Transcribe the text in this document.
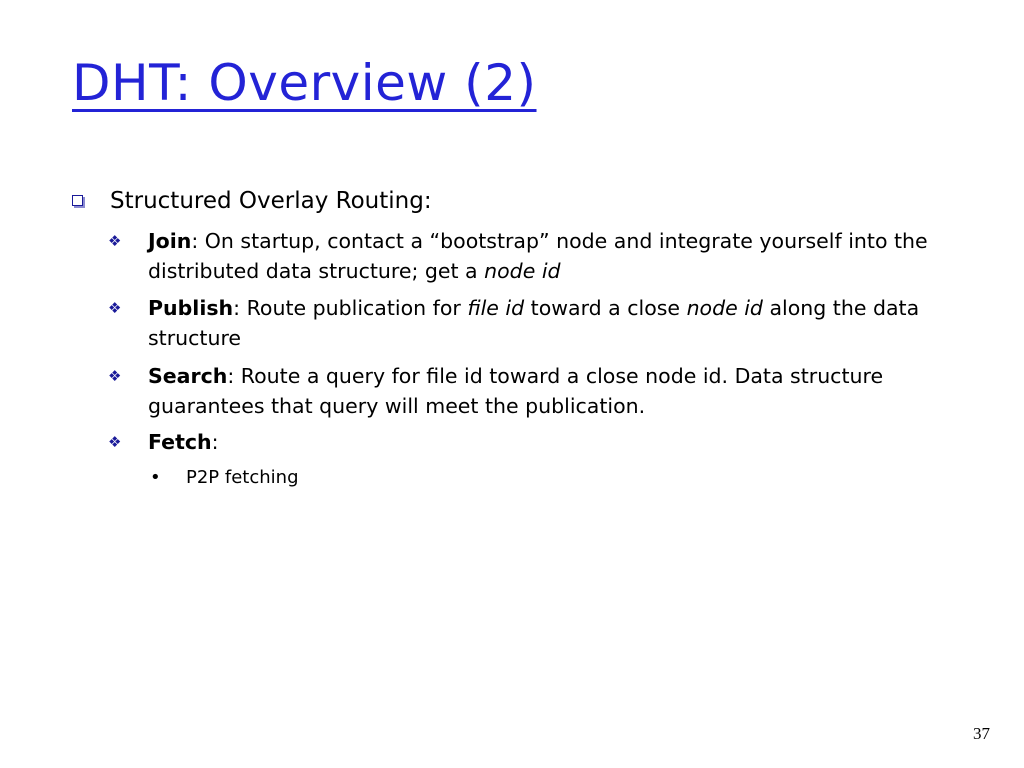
DHT: Overview (2)
Structured Overlay Routing:
❖	Join: On startup, contact a “bootstrap” node and integrate yourself into the distributed data structure; get a node id
❖	Publish: Route publication for file id toward a close node id along the data structure
❖	Search: Route a query for file id toward a close node id. Data structure guarantees that query will meet the publication.
❖	Fetch:
•	P2P fetching
37
